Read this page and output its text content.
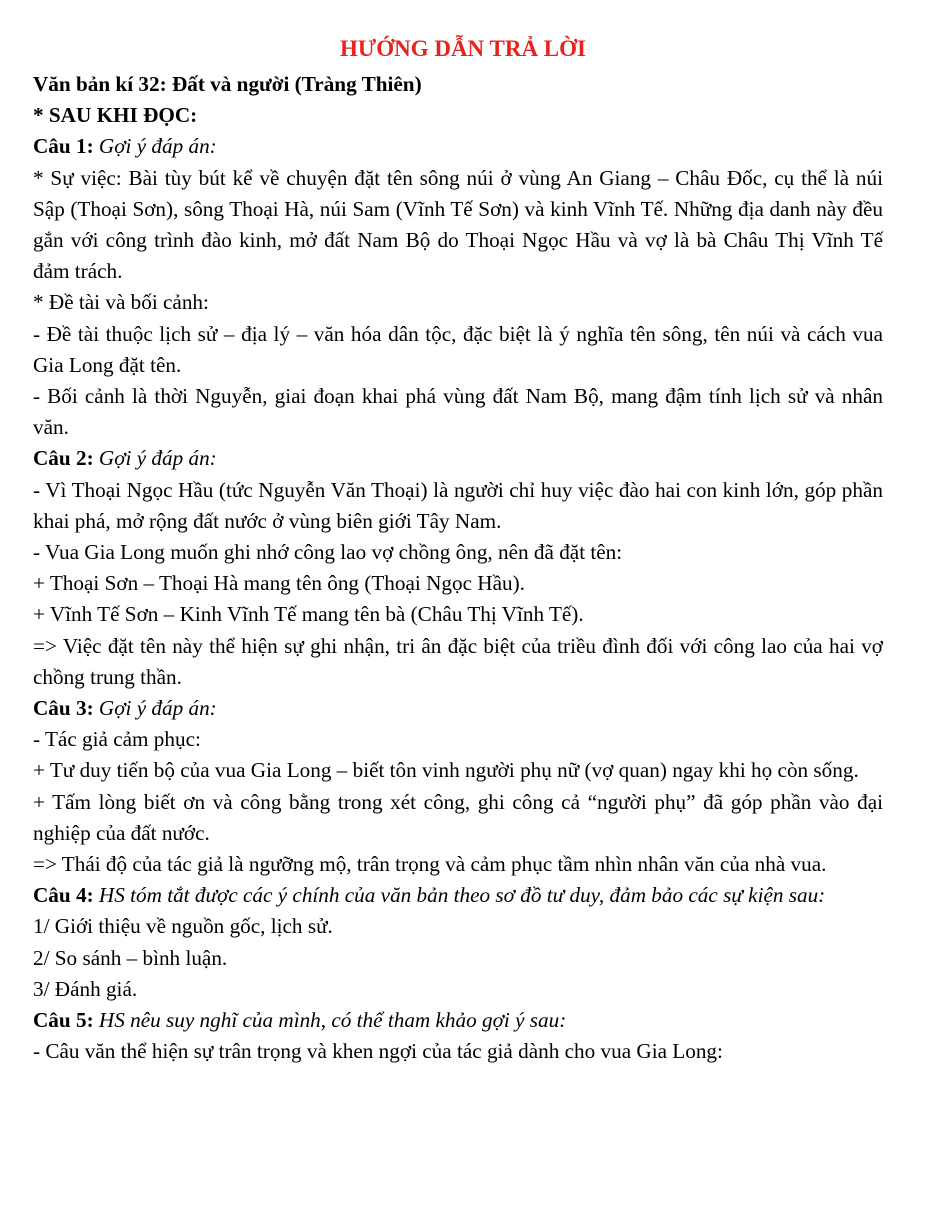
HƯỚNG DẪN TRẢ LỜI

Văn bản kí 32: Đất và người (Tràng Thiên)

* SAU KHI ĐỌC:

Câu 1: Gợi ý đáp án:

* Sự việc: Bài tùy bút kể về chuyện đặt tên sông núi ở vùng An Giang – Châu Đốc, cụ thể là núi Sập (Thoại Sơn), sông Thoại Hà, núi Sam (Vĩnh Tế Sơn) và kinh Vĩnh Tế. Những địa danh này đều gắn với công trình đào kinh, mở đất Nam Bộ do Thoại Ngọc Hầu và vợ là bà Châu Thị Vĩnh Tế đảm trách.

* Đề tài và bối cảnh:

- Đề tài thuộc lịch sử – địa lý – văn hóa dân tộc, đặc biệt là ý nghĩa tên sông, tên núi và cách vua Gia Long đặt tên.

- Bối cảnh là thời Nguyễn, giai đoạn khai phá vùng đất Nam Bộ, mang đậm tính lịch sử và nhân văn.

Câu 2: Gợi ý đáp án:

- Vì Thoại Ngọc Hầu (tức Nguyễn Văn Thoại) là người chỉ huy việc đào hai con kinh lớn, góp phần khai phá, mở rộng đất nước ở vùng biên giới Tây Nam.

- Vua Gia Long muốn ghi nhớ công lao vợ chồng ông, nên đã đặt tên:

+ Thoại Sơn – Thoại Hà mang tên ông (Thoại Ngọc Hầu).

+ Vĩnh Tế Sơn – Kinh Vĩnh Tế mang tên bà (Châu Thị Vĩnh Tế).

=> Việc đặt tên này thể hiện sự ghi nhận, tri ân đặc biệt của triều đình đối với công lao của hai vợ chồng trung thần.

Câu 3: Gợi ý đáp án:

- Tác giả cảm phục:

+ Tư duy tiến bộ của vua Gia Long – biết tôn vinh người phụ nữ (vợ quan) ngay khi họ còn sống.

+ Tấm lòng biết ơn và công bằng trong xét công, ghi công cả “người phụ” đã góp phần vào đại nghiệp của đất nước.

=> Thái độ của tác giả là ngưỡng mộ, trân trọng và cảm phục tầm nhìn nhân văn của nhà vua.

Câu 4: HS tóm tắt được các ý chính của văn bản theo sơ đồ tư duy, đảm bảo các sự kiện sau:

1/ Giới thiệu về nguồn gốc, lịch sử.

2/ So sánh – bình luận.

3/ Đánh giá.

Câu 5: HS nêu suy nghĩ của mình, có thể tham khảo gợi ý sau:

- Câu văn thể hiện sự trân trọng và khen ngợi của tác giả dành cho vua Gia Long:
